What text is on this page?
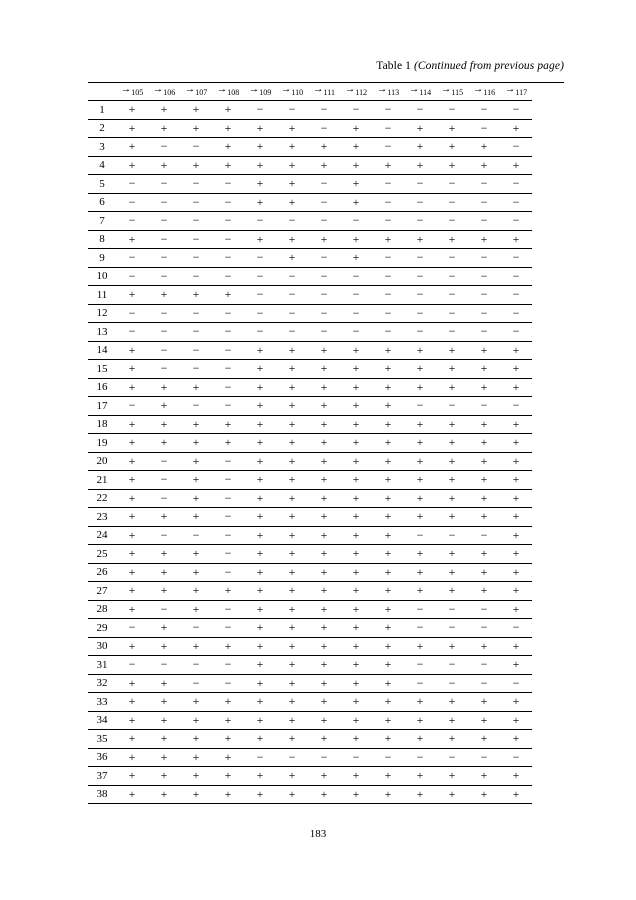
Table 1 (Continued from previous page)
	$\to_{105}$	$\to_{106}$	$\to_{107}$	$\to_{108}$	$\to_{109}$	$\to_{110}$	$\to_{111}$	$\to_{112}$	$\to_{113}$	$\to_{114}$	$\to_{115}$	$\to_{116}$	$\to_{117}$
1	+	+	+	+	−	−	−	−	−	−	−	−	−
2	+	+	+	+	+	+	−	+	−	+	+	−	+
3	+	−	−	+	+	+	+	+	−	+	+	+	−
4	+	+	+	+	+	+	+	+	+	+	+	+	+
5	−	−	−	−	+	+	−	+	−	−	−	−	−
6	−	−	−	−	+	+	−	+	−	−	−	−	−
7	−	−	−	−	−	−	−	−	−	−	−	−	−
8	+	−	−	−	+	+	+	+	+	+	+	+	+
9	−	−	−	−	−	+	−	+	−	−	−	−	−
10	−	−	−	−	−	−	−	−	−	−	−	−	−
11	+	+	+	+	−	−	−	−	−	−	−	−	−
12	−	−	−	−	−	−	−	−	−	−	−	−	−
13	−	−	−	−	−	−	−	−	−	−	−	−	−
14	+	−	−	−	+	+	+	+	+	+	+	+	+
15	+	−	−	−	+	+	+	+	+	+	+	+	+
16	+	+	+	−	+	+	+	+	+	+	+	+	+
17	−	+	−	−	+	+	+	+	+	−	−	−	−
18	+	+	+	+	+	+	+	+	+	+	+	+	+
19	+	+	+	+	+	+	+	+	+	+	+	+	+
20	+	−	+	−	+	+	+	+	+	+	+	+	+
21	+	−	+	−	+	+	+	+	+	+	+	+	+
22	+	−	+	−	+	+	+	+	+	+	+	+	+
23	+	+	+	−	+	+	+	+	+	+	+	+	+
24	+	−	−	−	+	+	+	+	+	−	−	−	+
25	+	+	+	−	+	+	+	+	+	+	+	+	+
26	+	+	+	−	+	+	+	+	+	+	+	+	+
27	+	+	+	+	+	+	+	+	+	+	+	+	+
28	+	−	+	−	+	+	+	+	+	−	−	−	+
29	−	+	−	−	+	+	+	+	+	−	−	−	−
30	+	+	+	+	+	+	+	+	+	+	+	+	+
31	−	−	−	−	+	+	+	+	+	−	−	−	+
32	+	+	−	−	+	+	+	+	+	−	−	−	−
33	+	+	+	+	+	+	+	+	+	+	+	+	+
34	+	+	+	+	+	+	+	+	+	+	+	+	+
35	+	+	+	+	+	+	+	+	+	+	+	+	+
36	+	+	+	+	−	−	−	−	−	−	−	−	−
37	+	+	+	+	+	+	+	+	+	+	+	+	+
38	+	+	+	+	+	+	+	+	+	+	+	+	+
183
